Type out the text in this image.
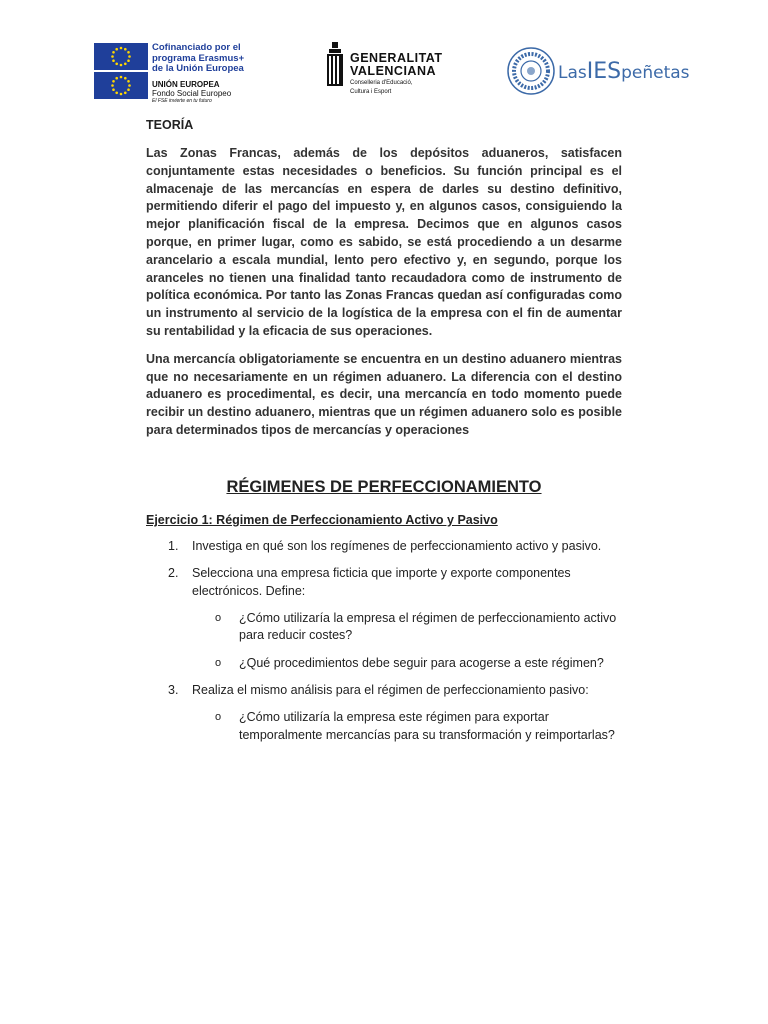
Cofinanciado por el
programa Erasmus+
de la Unión Europea
UNIÓN EUROPEA
Fondo Social Europeo
El FSE invierte en tu futuro
GENERALITAT
VALENCIANA
Conselleria d'Educació,
Cultura i Esport
LasIESpeñetas
TEORÍA

Las Zonas Francas, además de los depósitos aduaneros, satisfacen conjuntamente estas necesidades o beneficios. Su función principal es el almacenaje de las mercancías en espera de darles su destino definitivo, permitiendo diferir el pago del impuesto y, en algunos casos, consiguiendo la mejor planificación fiscal de la empresa. Decimos que en algunos casos porque, en primer lugar, como es sabido, se está procediendo a un desarme arancelario a escala mundial, lento pero efectivo y, en segundo, porque los aranceles no tienen una finalidad tanto recaudadora como de instrumento de política económica. Por tanto las Zonas Francas quedan así configuradas como un instrumento al servicio de la logística de la empresa con el fin de aumentar su rentabilidad y la eficacia de sus operaciones.

Una mercancía obligatoriamente se encuentra en un destino aduanero mientras que no necesariamente en un régimen aduanero. La diferencia con el destino aduanero es procedimental, es decir, una mercancía en todo momento puede recibir un destino aduanero, mientras que un régimen aduanero solo es posible para determinados tipos de mercancías y operaciones

RÉGIMENES DE PERFECCIONAMIENTO
Ejercicio 1: Régimen de Perfeccionamiento Activo y Pasivo
1. Investiga en qué son los regímenes de perfeccionamiento activo y pasivo.
2. Selecciona una empresa ficticia que importe y exporte componentes electrónicos. Define:
o ¿Cómo utilizaría la empresa el régimen de perfeccionamiento activo para reducir costes?
o ¿Qué procedimientos debe seguir para acogerse a este régimen?
3. Realiza el mismo análisis para el régimen de perfeccionamiento pasivo:
o ¿Cómo utilizaría la empresa este régimen para exportar temporalmente mercancías para su transformación y reimportarlas?
